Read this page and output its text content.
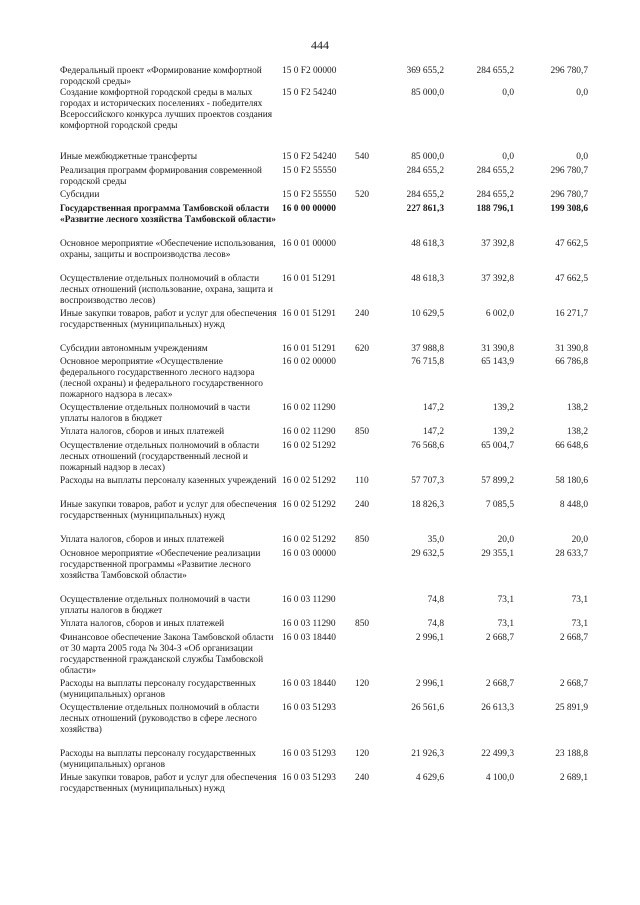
444
Федеральный проект «Формирование комфортной городской среды»
15 0 F2 00000	369 655,2	284 655,2	296 780,7
Создание комфортной городской среды в малых городах и исторических поселениях - победителях Всероссийского конкурса лучших проектов создания комфортной городской среды
15 0 F2 54240	85 000,0	0,0	0,0
Иные межбюджетные трансферты	15 0 F2 54240 540	85 000,0	0,0	0,0
Реализация программ формирования современной городской среды
15 0 F2 55550	284 655,2	284 655,2	296 780,7
Субсидии	15 0 F2 55550 520	284 655,2	284 655,2	296 780,7
Государственная программа Тамбовской области «Развитие лесного хозяйства Тамбовской области»
16 0 00 00000	227 861,3	188 796,1	199 308,6
Основное мероприятие «Обеспечение использования, охраны, защиты и воспроизводства лесов»
16 0 01 00000	48 618,3	37 392,8	47 662,5
Осуществление отдельных полномочий в области лесных отношений (использование, охрана, защита и воспроизводство лесов)
16 0 01 51291	48 618,3	37 392,8	47 662,5
Иные закупки товаров, работ и услуг для обеспечения государственных (муниципальных) нужд
16 0 01 51291 240	10 629,5	6 002,0	16 271,7
Субсидии автономным учреждениям	16 0 01 51291 620	37 988,8	31 390,8	31 390,8
Основное мероприятие «Осуществление федерального государственного лесного надзора (лесной охраны) и федерального государственного пожарного надзора в лесах»
16 0 02 00000	76 715,8	65 143,9	66 786,8
Осуществление отдельных полномочий в части уплаты налогов в бюджет
16 0 02 11290	147,2	139,2	138,2
Уплата налогов, сборов и иных платежей	16 0 02 11290 850	147,2	139,2	138,2
Осуществление отдельных полномочий в области лесных отношений (государственный лесной и пожарный надзор в лесах)
16 0 02 51292	76 568,6	65 004,7	66 648,6
Расходы на выплаты персоналу казенных учреждений 16 0 02 51292 110	57 707,3	57 899,2	58 180,6
Иные закупки товаров, работ и услуг для обеспечения государственных (муниципальных) нужд
16 0 02 51292 240	18 826,3	7 085,5	8 448,0
Уплата налогов, сборов и иных платежей	16 0 02 51292 850	35,0	20,0	20,0
Основное мероприятие «Обеспечение реализации государственной программы «Развитие лесного хозяйства Тамбовской области»
16 0 03 00000	29 632,5	29 355,1	28 633,7
Осуществление отдельных полномочий в части уплаты налогов в бюджет
16 0 03 11290	74,8	73,1	73,1
Уплата налогов, сборов и иных платежей	16 0 03 11290 850	74,8	73,1	73,1
Финансовое обеспечение Закона Тамбовской области от 30 марта 2005 года № 304-З «Об организации государственной гражданской службы Тамбовской области»
16 0 03 18440	2 996,1	2 668,7	2 668,7
Расходы на выплаты персоналу государственных (муниципальных) органов
16 0 03 18440 120	2 996,1	2 668,7	2 668,7
Осуществление отдельных полномочий в области лесных отношений (руководство в сфере лесного хозяйства)
16 0 03 51293	26 561,6	26 613,3	25 891,9
Расходы на выплаты персоналу государственных (муниципальных) органов
16 0 03 51293 120	21 926,3	22 499,3	23 188,8
Иные закупки товаров, работ и услуг для обеспечения государственных (муниципальных) нужд
16 0 03 51293 240	4 629,6	4 100,0	2 689,1
